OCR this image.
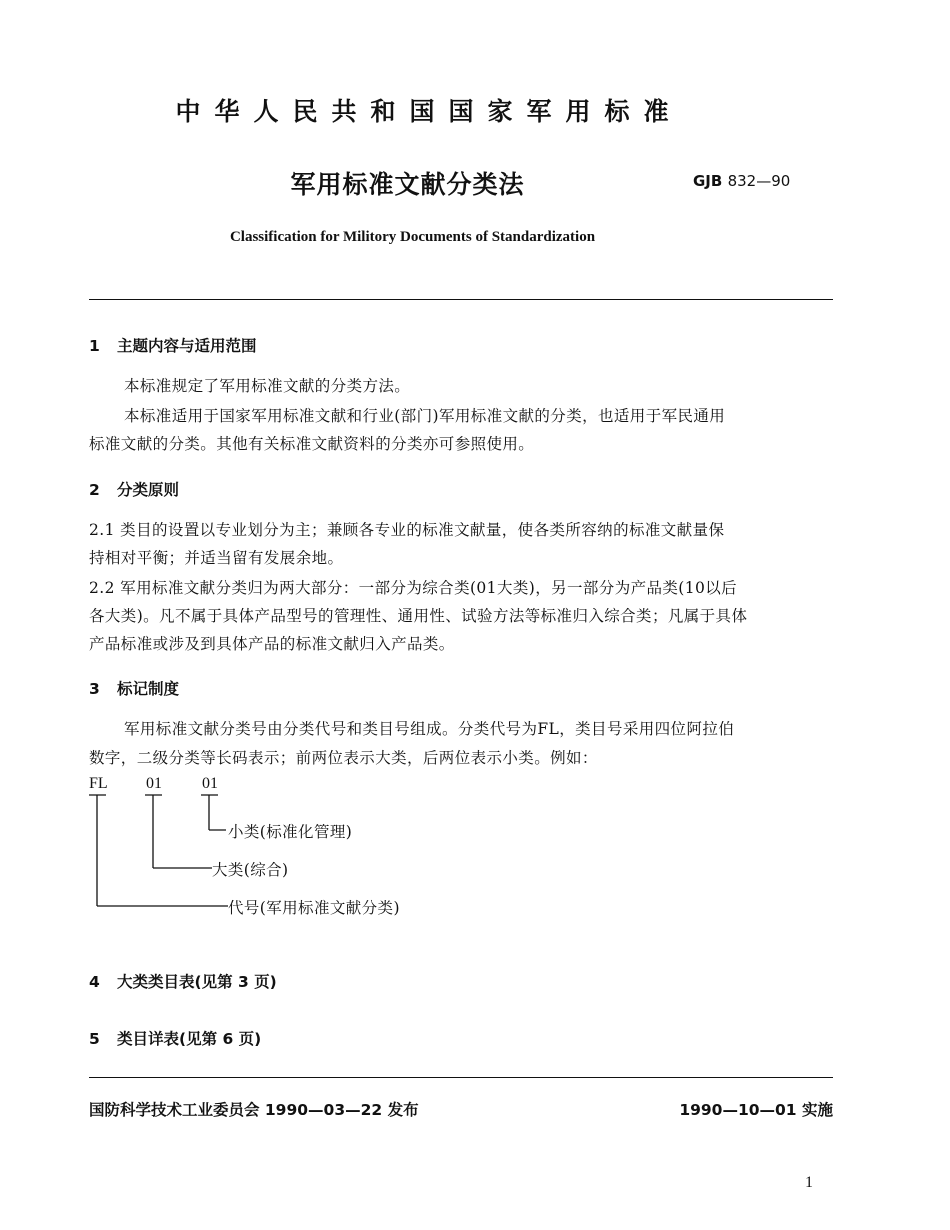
中华人民共和国国家军用标准
军用标准文献分类法	GJB 832—90
Classification for Militory Documents of Standardization
1 主题内容与适用范围
本标准规定了军用标准文献的分类方法。
本标准适用于国家军用标准文献和行业(部门)军用标准文献的分类，也适用于军民通用
标准文献的分类。其他有关标准文献资料的分类亦可参照使用。
2 分类原则
2.1 类目的设置以专业划分为主；兼顾各专业的标准文献量，使各类所容纳的标准文献量保
持相对平衡；并适当留有发展余地。
2.2 军用标准文献分类归为两大部分：一部分为综合类(01大类)，另一部分为产品类(10以后
各大类)。凡不属于具体产品型号的管理性、通用性、试验方法等标准归入综合类；凡属于具体
产品标准或涉及到具体产品的标准文献归入产品类。
3 标记制度
军用标准文献分类号由分类代号和类目号组成。分类代号为FL，类目号采用四位阿拉伯
数字，二级分类等长码表示；前两位表示大类，后两位表示小类。例如：
FL 01	01
小类(标准化管理)
大类(综合)
代号(军用标准文献分类)
4 大类类目表(见第 3 页)
5 类目详表(见第 6 页)
国防科学技术工业委员会 1990—03—22 发布	1990—10—01 实施
1
